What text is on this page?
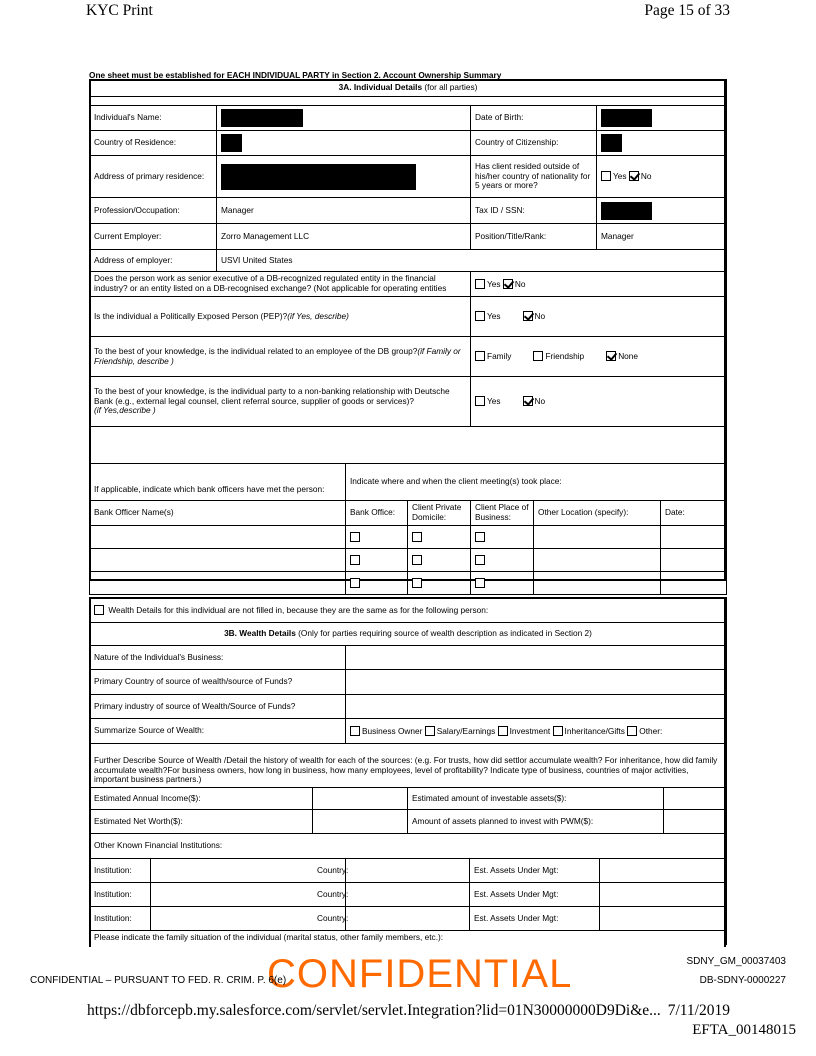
KYC Print	Page 15 of 33
One sheet must be established for EACH INDIVIDUAL PARTY in Section 2. Account Ownership Summary
3A. Individual Details (for all parties)							

Individual's Name:				Date of Birth:			
Country of Residence:				Country of Citizenship:			
Address of primary residence:				Has client resided outside of his/her country of nationality for 5 years or more?		Yes No	
Profession/Occupation:	Manager			Tax ID / SSN:			
Current Employer:	Zorro Management LLC			Position/Title/Rank:		Manager	
Address of employer:	USVI United States						
Does the person work as senior executive of a DB-recognized regulated entity in the financial industry? or an entity listed on a DB-recognised exchange? (Not applicable for operating entities				Yes No			
Is the individual a Politically Exposed Person (PEP)?(if Yes, describe)				Yes No			
To the best of your knowledge, is the individual related to an employee of the DB group?(if Family or Friendship, describe )				Family Friendship None			
To the best of your knowledge, is the individual party to a non-banking relationship with Deutsche Bank (e.g., external legal counsel, client referral source, supplier of goods or services)?
(if Yes,describe )				Yes No			

If applicable, indicate which bank officers have met the person:		Indicate where and when the client meeting(s) took place:					
Bank Officer Name(s)		Bank Office:	Client Private Domicile:	Client Place of Business:	Other Location (specify):		Date:

Wealth Details for this individual are not filled in, because they are the same as for the following person:							
3B. Wealth Details (Only for parties requiring source of wealth description as indicated in Section 2)							
Nature of the Individual's Business:							
Primary Country of source of wealth/source of Funds?							
Primary industry of source of Wealth/Source of Funds?							
Summarize Source of Wealth:			Business Owner Salary/Earnings Investment Inheritance/Gifts Other:				
Further Describe Source of Wealth /Detail the history of wealth for each of the sources: (e.g. For trusts, how did settlor accumulate wealth? For inheritance, how did family accumulate wealth?For business owners, how long in business, how many employees, level of profitability? Indicate type of business, countries of major activities, important business partners.)							
Estimated Annual Income($):				Estimated amount of investable assets($):			
Estimated Net Worth($):				Amount of assets planned to invest with PWM($):			
Other Known Financial Institutions:							
Institution:	Country:				Est. Assets Under Mgt:		
Institution:	Country:				Est. Assets Under Mgt:		
Institution:	Country:				Est. Assets Under Mgt:		
Please indicate the family situation of the individual (marital status, other family members, etc.):							
SDNY_GM_00037403
DB-SDNY-0000227
CONFIDENTIAL
CONFIDENTIAL – PURSUANT TO FED. R. CRIM. P. 6(e)
https://dbforcepb.my.salesforce.com/servlet/servlet.Integration?lid=01N30000000D9Di&e... 7/11/2019
EFTA_00148015
